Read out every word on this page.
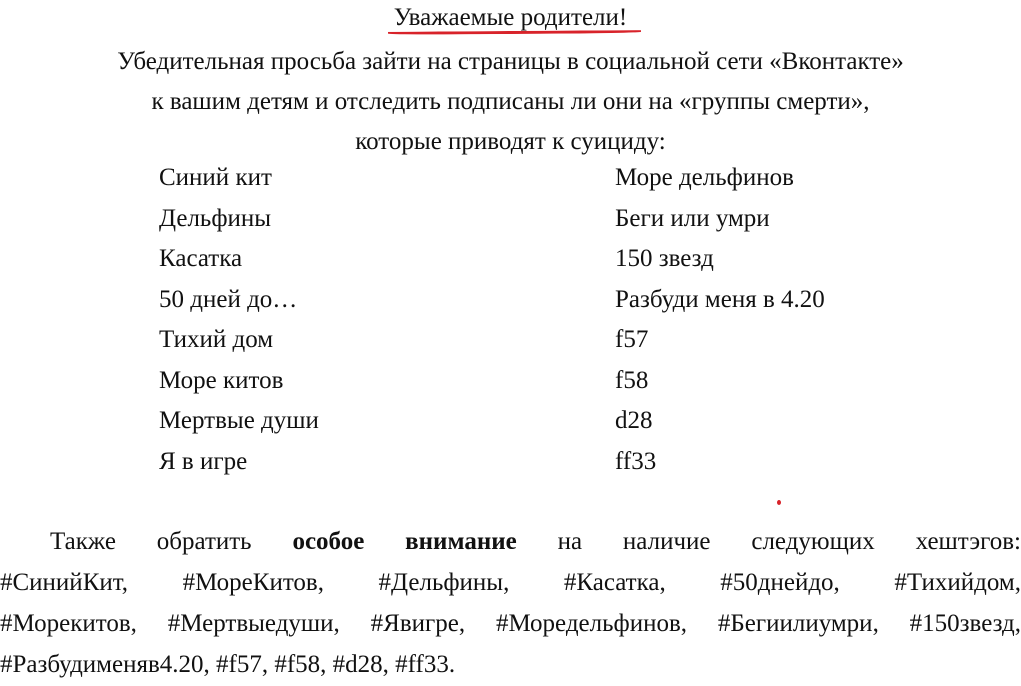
Уважаемые родители!
Убедительная просьба зайти на страницы в социальной сети «Вконтакте»
к вашим детям и отследить подписаны ли они на «группы смерти»,
которые приводят к суициду:
Синий кит	Море дельфинов
Дельфины	Беги или умри
Касатка	150 звезд
50 дней до…	Разбуди меня в 4.20
Тихий дом	f57
Море китов	f58
Мертвые души	d28
Я в игре	ff33
Также обратить особое внимание на наличие следующих хештэгов:
#СинийКит, #МореКитов, #Дельфины, #Касатка, #50днейдо, #Тихийдом,
#Морекитов, #Мертвыедуши, #Явигре, #Моредельфинов, #Бегиилиумри, #150звезд,
#Разбудименяв4.20, #f57, #f58, #d28, #ff33.
